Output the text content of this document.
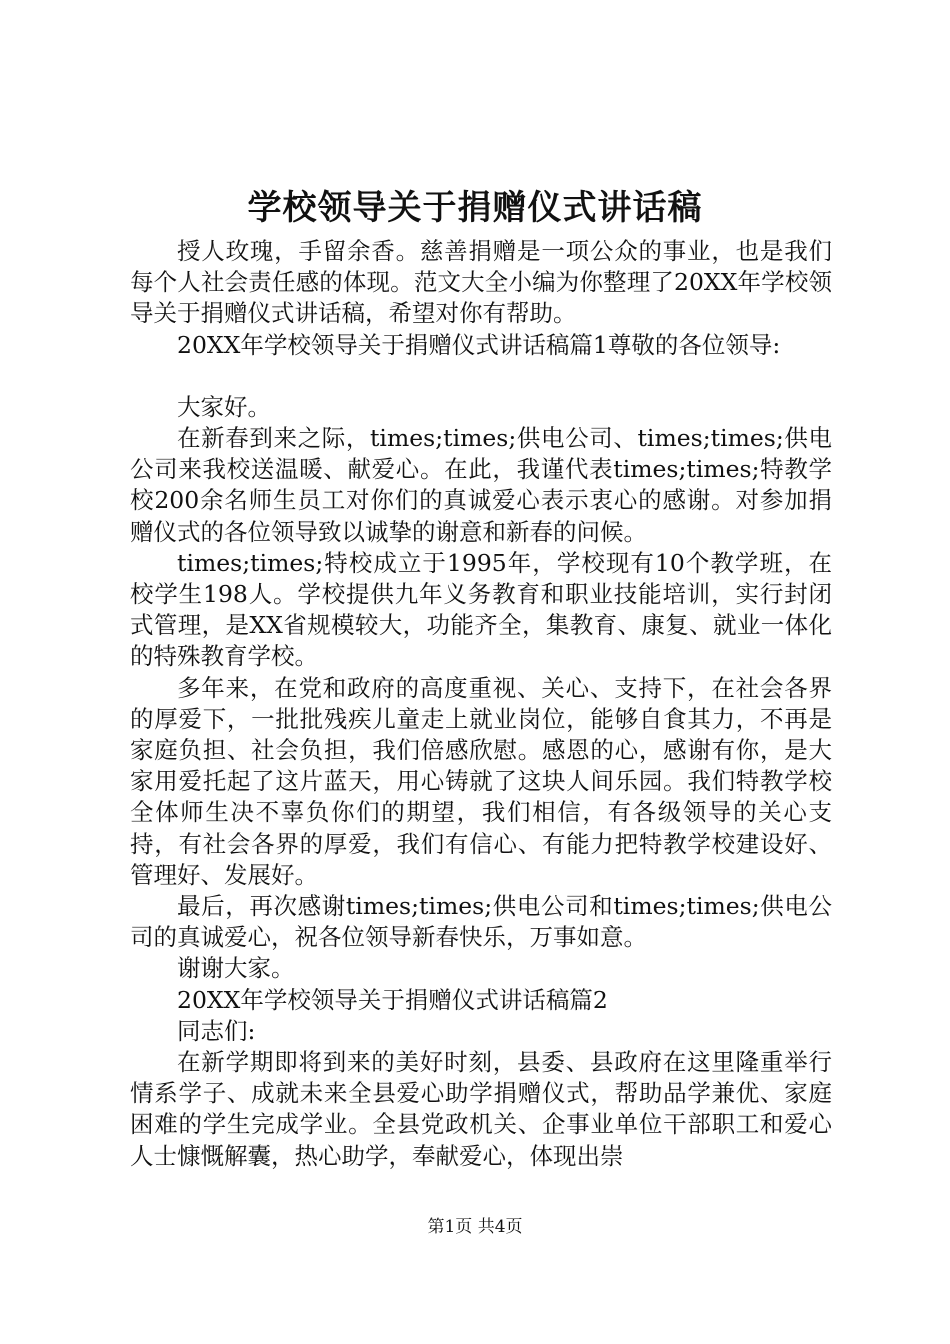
学校领导关于捐赠仪式讲话稿

授人玫瑰，手留余香。慈善捐赠是一项公众的事业，也是我们每个人社会责任感的体现。范文大全小编为你整理了20XX年学校领导关于捐赠仪式讲话稿，希望对你有帮助。

20XX年学校领导关于捐赠仪式讲话稿篇1尊敬的各位领导:

大家好。

在新春到来之际，times;times;供电公司、times;times;供电公司来我校送温暖、献爱心。在此，我谨代表times;times;特教学校200余名师生员工对你们的真诚爱心表示衷心的感谢。对参加捐赠仪式的各位领导致以诚挚的谢意和新春的问候。

times;times;特校成立于1995年，学校现有10个教学班，在校学生198人。学校提供九年义务教育和职业技能培训，实行封闭式管理，是XX省规模较大，功能齐全，集教育、康复、就业一体化的特殊教育学校。

多年来，在党和政府的高度重视、关心、支持下，在社会各界的厚爱下，一批批残疾儿童走上就业岗位，能够自食其力，不再是家庭负担、社会负担，我们倍感欣慰。感恩的心，感谢有你，是大家用爱托起了这片蓝天，用心铸就了这块人间乐园。我们特教学校全体师生决不辜负你们的期望，我们相信，有各级领导的关心支持，有社会各界的厚爱，我们有信心、有能力把特教学校建设好、管理好、发展好。

最后，再次感谢times;times;供电公司和times;times;供电公司的真诚爱心，祝各位领导新春快乐，万事如意。

谢谢大家。

20XX年学校领导关于捐赠仪式讲话稿篇2

同志们:

在新学期即将到来的美好时刻，县委、县政府在这里隆重举行情系学子、成就未来全县爱心助学捐赠仪式，帮助品学兼优、家庭困难的学生完成学业。全县党政机关、企事业单位干部职工和爱心人士慷慨解囊，热心助学，奉献爱心，体现出崇

第1页 共4页
